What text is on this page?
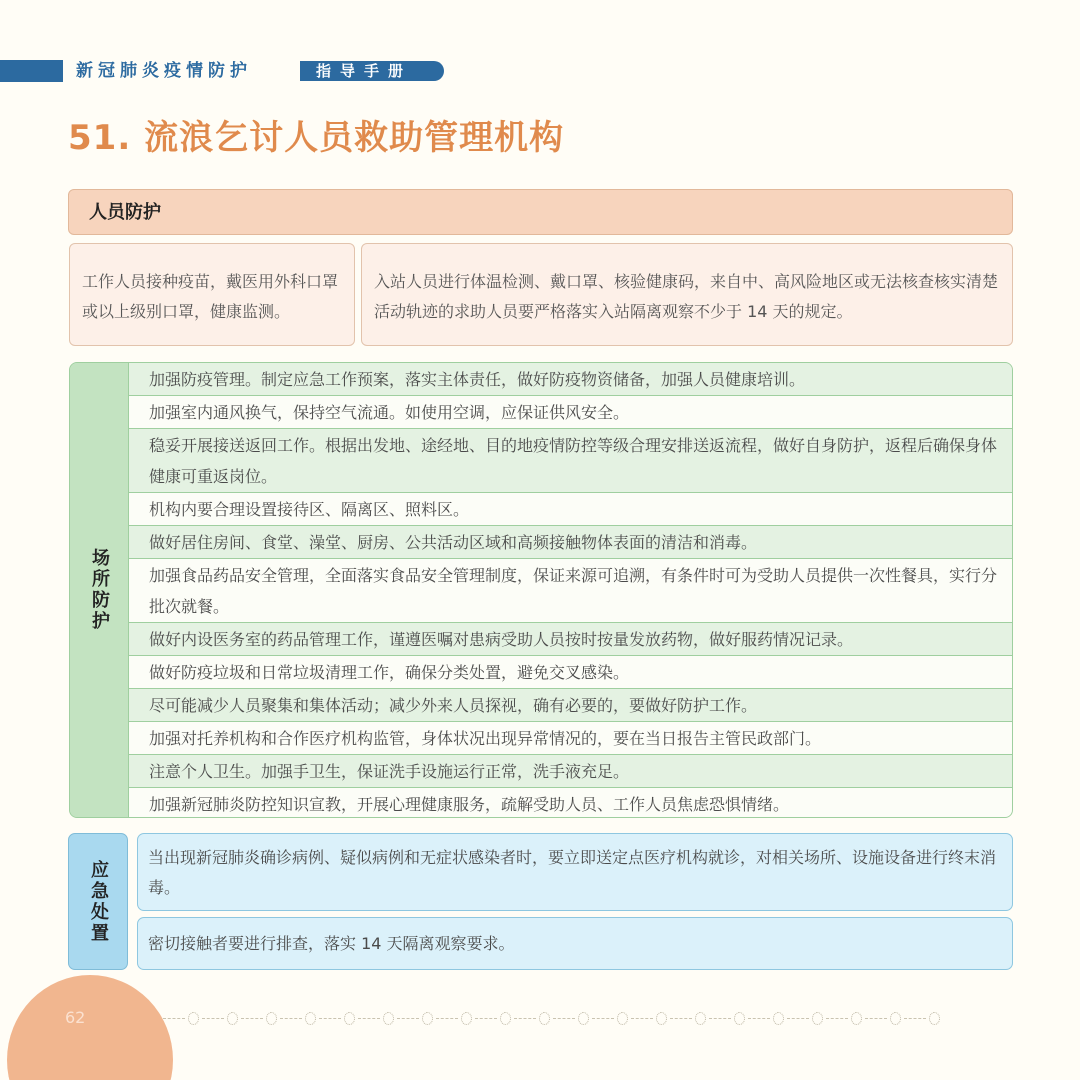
新冠肺炎疫情防护	指导手册
51. 流浪乞讨人员救助管理机构
人员防护
工作人员接种疫苗，戴医用外科口罩或以上级别口罩，健康监测。
入站人员进行体温检测、戴口罩、核验健康码，来自中、高风险地区或无法核查核实清楚活动轨迹的求助人员要严格落实入站隔离观察不少于 14 天的规定。
场所防护
加强防疫管理。制定应急工作预案，落实主体责任，做好防疫物资储备，加强人员健康培训。
加强室内通风换气，保持空气流通。如使用空调，应保证供风安全。
稳妥开展接送返回工作。根据出发地、途经地、目的地疫情防控等级合理安排送返流程，做好自身防护，返程后确保身体健康可重返岗位。
机构内要合理设置接待区、隔离区、照料区。
做好居住房间、食堂、澡堂、厨房、公共活动区域和高频接触物体表面的清洁和消毒。
加强食品药品安全管理，全面落实食品安全管理制度，保证来源可追溯，有条件时可为受助人员提供一次性餐具，实行分批次就餐。
做好内设医务室的药品管理工作，谨遵医嘱对患病受助人员按时按量发放药物，做好服药情况记录。
做好防疫垃圾和日常垃圾清理工作，确保分类处置，避免交叉感染。
尽可能减少人员聚集和集体活动；减少外来人员探视，确有必要的，要做好防护工作。
加强对托养机构和合作医疗机构监管，身体状况出现异常情况的，要在当日报告主管民政部门。
注意个人卫生。加强手卫生，保证洗手设施运行正常，洗手液充足。
加强新冠肺炎防控知识宣教，开展心理健康服务，疏解受助人员、工作人员焦虑恐惧情绪。
应急处置
当出现新冠肺炎确诊病例、疑似病例和无症状感染者时，要立即送定点医疗机构就诊，对相关场所、设施设备进行终末消毒。
密切接触者要进行排查，落实 14 天隔离观察要求。
62
